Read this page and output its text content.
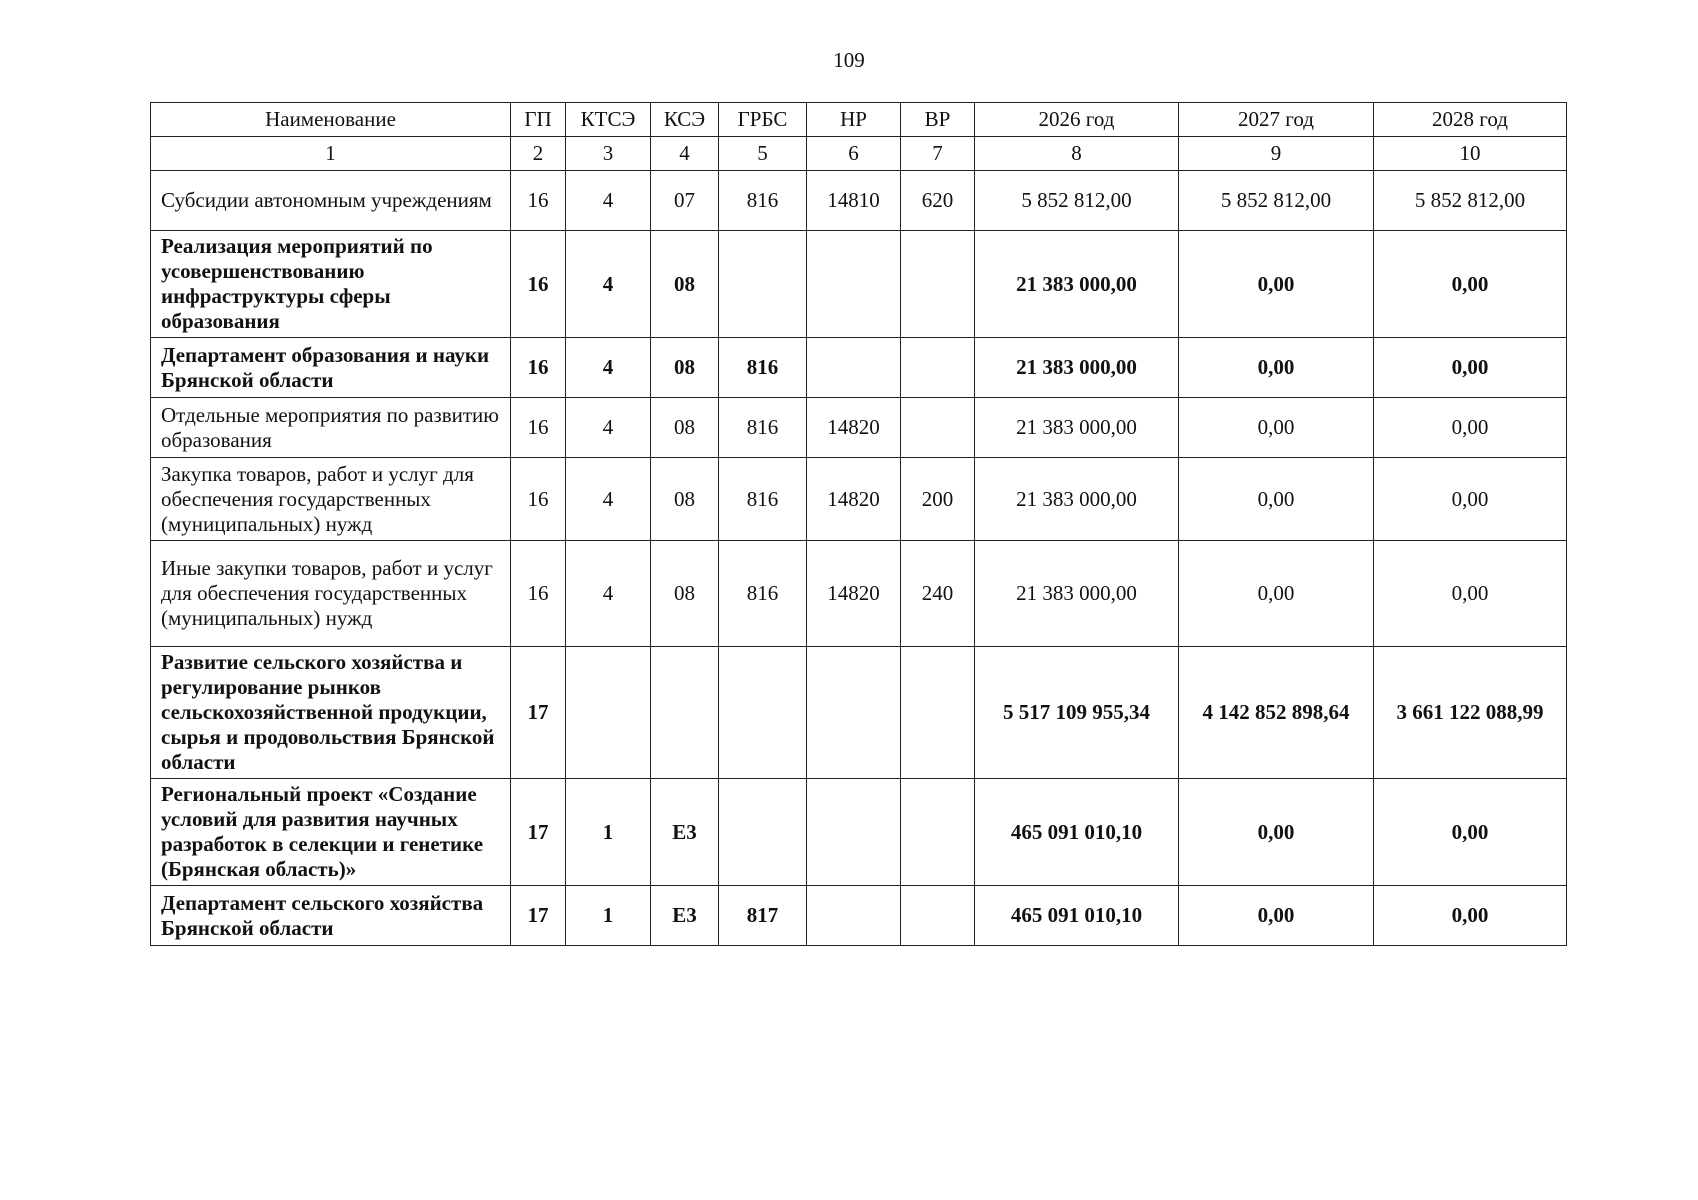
109
Наименование	ГП	КТСЭ	КСЭ	ГРБС	НР	ВР	2026 год	2027 год	2028 год
1	2	3	4	5	6	7	8	9	10
Субсидии автономным учреждениям	16	4	07	816	14810	620	5 852 812,00	5 852 812,00	5 852 812,00
Реализация мероприятий по усовершенствованию инфраструктуры сферы образования	16	4	08				21 383 000,00	0,00	0,00
Департамент образования и науки Брянской области	16	4	08	816			21 383 000,00	0,00	0,00
Отдельные мероприятия по развитию образования	16	4	08	816	14820		21 383 000,00	0,00	0,00
Закупка товаров, работ и услуг для обеспечения государственных (муниципальных) нужд	16	4	08	816	14820	200	21 383 000,00	0,00	0,00
Иные закупки товаров, работ и услуг для обеспечения государственных (муниципальных) нужд	16	4	08	816	14820	240	21 383 000,00	0,00	0,00
Развитие сельского хозяйства и регулирование рынков сельскохозяйственной продукции, сырья и продовольствия Брянской области	17						5 517 109 955,34	4 142 852 898,64	3 661 122 088,99
Региональный проект «Создание условий для развития научных разработок в селекции и генетике (Брянская область)»	17	1	Е3				465 091 010,10	0,00	0,00
Департамент сельского хозяйства Брянской области	17	1	Е3	817			465 091 010,10	0,00	0,00
